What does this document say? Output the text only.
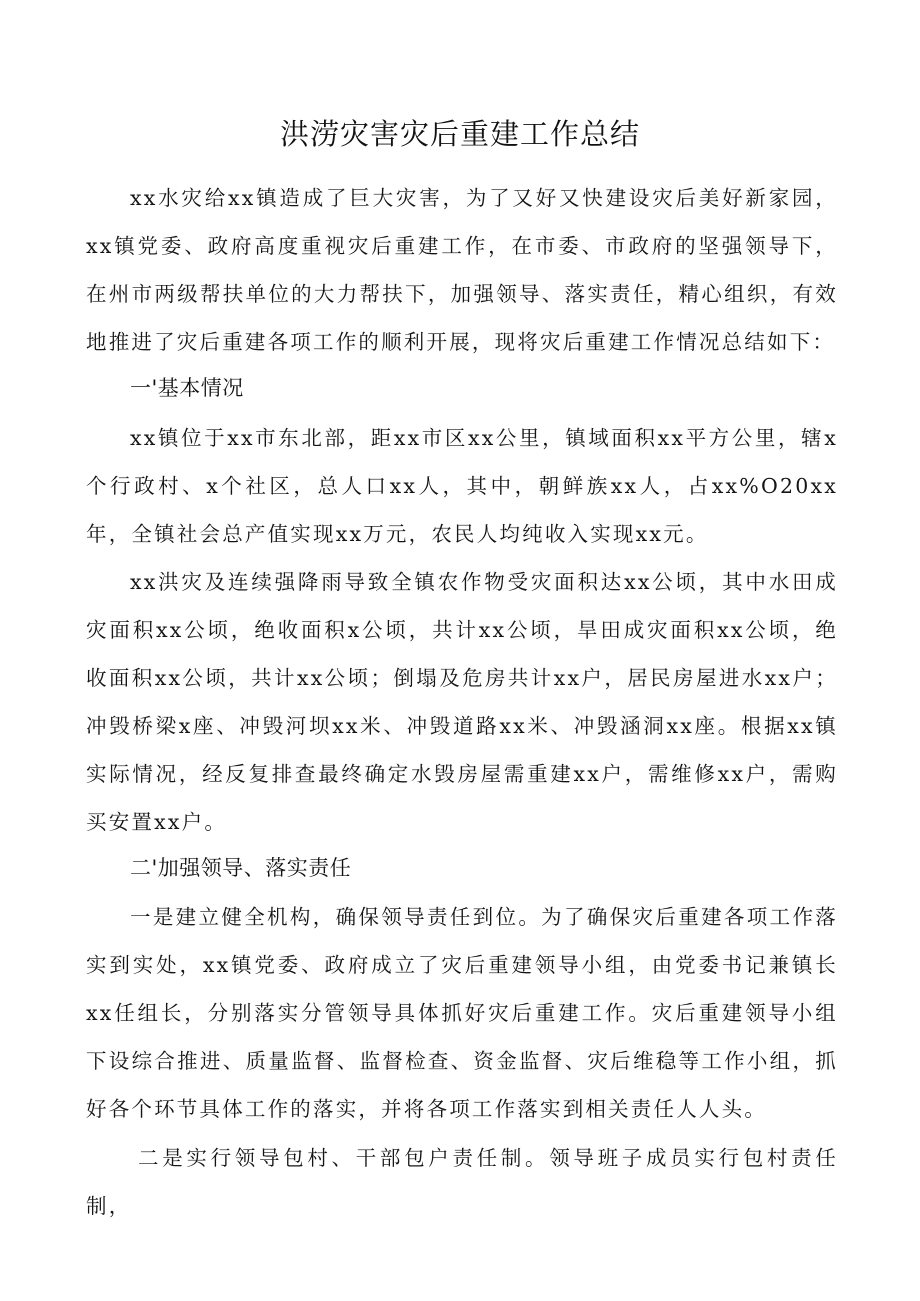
洪涝灾害灾后重建工作总结

xx水灾给xx镇造成了巨大灾害，为了又好又快建设灾后美好新家园，xx镇党委、政府高度重视灾后重建工作，在市委、市政府的坚强领导下，在州市两级帮扶单位的大力帮扶下，加强领导、落实责任，精心组织，有效地推进了灾后重建各项工作的顺利开展，现将灾后重建工作情况总结如下：

一'基本情况

xx镇位于xx市东北部，距xx市区xx公里，镇域面积xx平方公里，辖x个行政村、x个社区，总人口xx人，其中，朝鲜族xx人，占xx%O20xx年，全镇社会总产值实现xx万元，农民人均纯收入实现xx元。

xx洪灾及连续强降雨导致全镇农作物受灾面积达xx公顷，其中水田成灾面积xx公顷，绝收面积x公顷，共计xx公顷，旱田成灾面积xx公顷，绝收面积xx公顷，共计xx公顷；倒塌及危房共计xx户，居民房屋进水xx户；冲毁桥梁x座、冲毁河坝xx米、冲毁道路xx米、冲毁涵洞xx座。根据xx镇实际情况，经反复排查最终确定水毁房屋需重建xx户，需维修xx户，需购买安置xx户。

二'加强领导、落实责任

一是建立健全机构，确保领导责任到位。为了确保灾后重建各项工作落实到实处，xx镇党委、政府成立了灾后重建领导小组，由党委书记兼镇长xx任组长，分别落实分管领导具体抓好灾后重建工作。灾后重建领导小组下设综合推进、质量监督、监督检查、资金监督、灾后维稳等工作小组，抓好各个环节具体工作的落实，并将各项工作落实到相关责任人人头。

二是实行领导包村、干部包户责任制。领导班子成员实行包村责任制，
